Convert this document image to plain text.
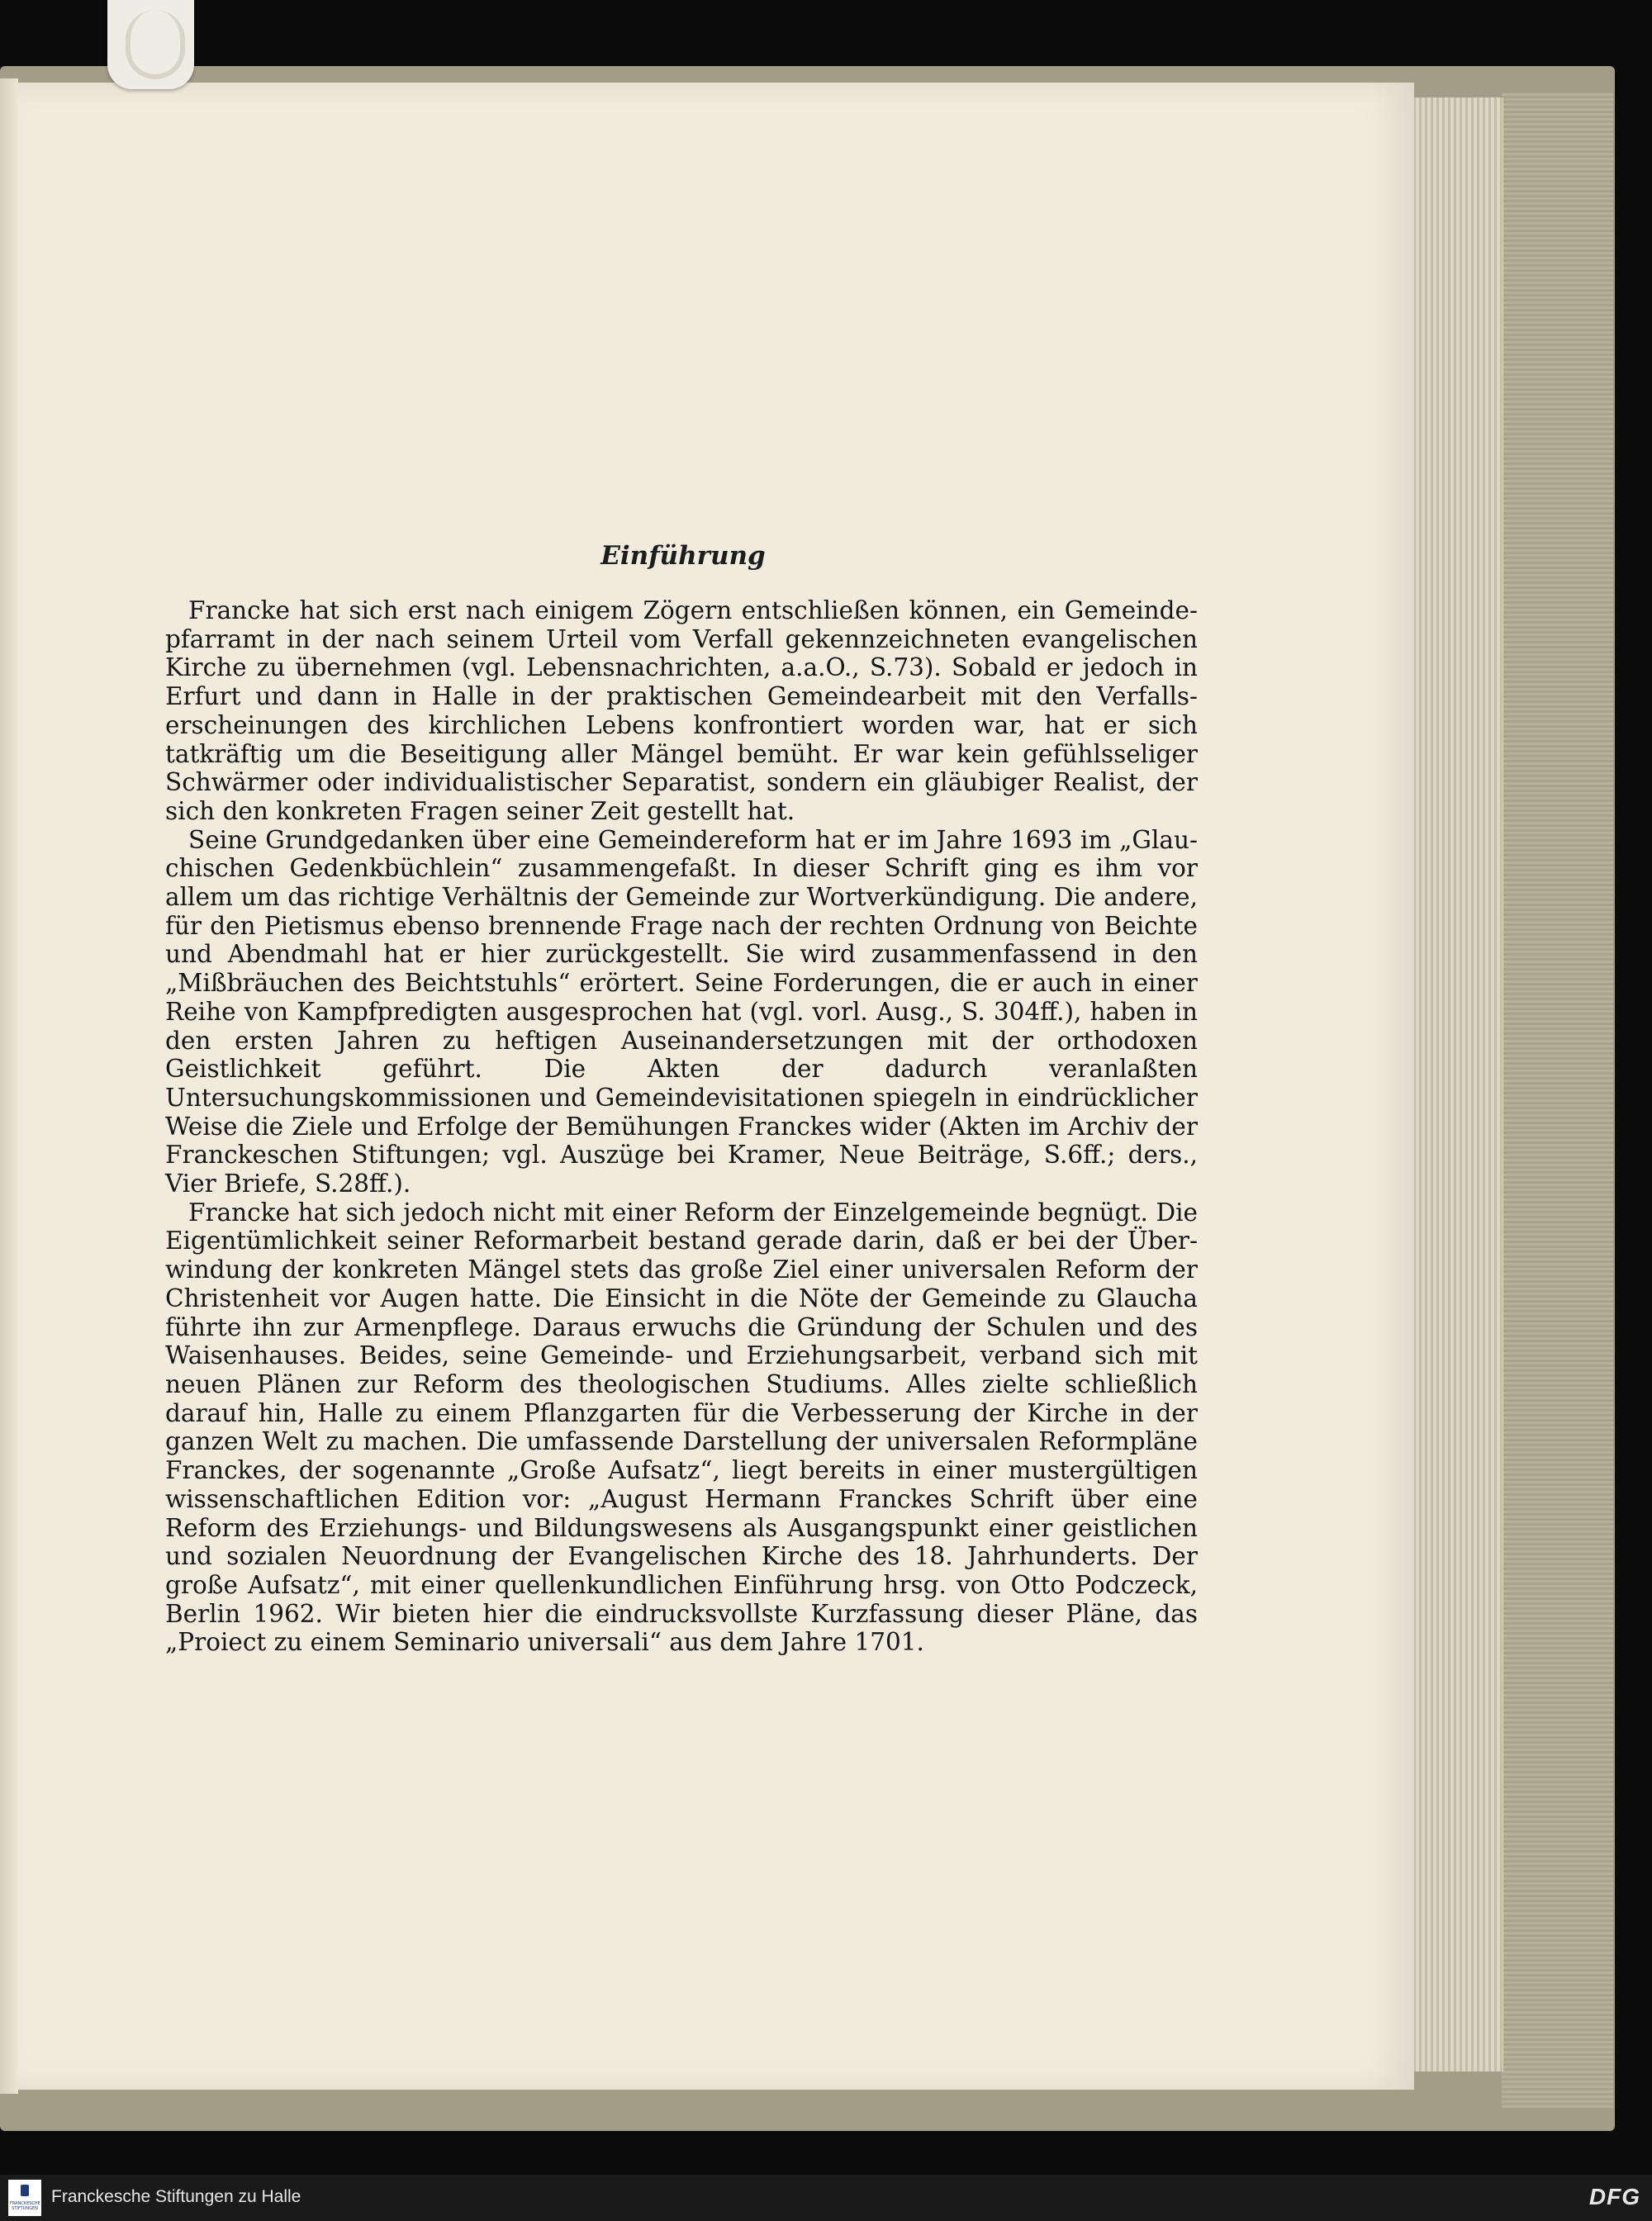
Einführung

Francke hat sich erst nach einigem Zögern entschließen können, ein Gemeindepfarramt in der nach seinem Urteil vom Verfall gekennzeichneten evangelischen Kirche zu übernehmen (vgl. Lebensnachrichten, a.a.O., S.73). Sobald er jedoch in Erfurt und dann in Halle in der praktischen Gemeindearbeit mit den Verfallserscheinungen des kirchlichen Lebens konfrontiert worden war, hat er sich tatkräftig um die Beseitigung aller Mängel bemüht. Er war kein gefühlsseliger Schwärmer oder individualistischer Separatist, sondern ein gläubiger Realist, der sich den konkreten Fragen seiner Zeit gestellt hat.

Seine Grundgedanken über eine Gemeindereform hat er im Jahre 1693 im „Glauchischen Gedenkbüchlein“ zusammengefaßt. In dieser Schrift ging es ihm vor allem um das richtige Verhältnis der Gemeinde zur Wortverkündigung. Die andere, für den Pietismus ebenso brennende Frage nach der rechten Ordnung von Beichte und Abendmahl hat er hier zurückgestellt. Sie wird zusammenfassend in den „Mißbräuchen des Beichtstuhls“ erörtert. Seine Forderungen, die er auch in einer Reihe von Kampfpredigten ausgesprochen hat (vgl. vorl. Ausg., S. 304ff.), haben in den ersten Jahren zu heftigen Auseinandersetzungen mit der orthodoxen Geistlichkeit geführt. Die Akten der dadurch veranlaßten Untersuchungskommissionen und Gemeindevisitationen spiegeln in eindrücklicher Weise die Ziele und Erfolge der Bemühungen Franckes wider (Akten im Archiv der Franckeschen Stiftungen; vgl. Auszüge bei Kramer, Neue Beiträge, S.6ff.; ders., Vier Briefe, S.28ff.).

Francke hat sich jedoch nicht mit einer Reform der Einzelgemeinde begnügt. Die Eigentümlichkeit seiner Reformarbeit bestand gerade darin, daß er bei der Überwindung der konkreten Mängel stets das große Ziel einer universalen Reform der Christenheit vor Augen hatte. Die Einsicht in die Nöte der Gemeinde zu Glaucha führte ihn zur Armenpflege. Daraus erwuchs die Gründung der Schulen und des Waisenhauses. Beides, seine Gemeinde- und Erziehungsarbeit, verband sich mit neuen Plänen zur Reform des theologischen Studiums. Alles zielte schließlich darauf hin, Halle zu einem Pflanzgarten für die Verbesserung der Kirche in der ganzen Welt zu machen. Die umfassende Darstellung der universalen Reformpläne Franckes, der sogenannte „Große Aufsatz“, liegt bereits in einer mustergültigen wissenschaftlichen Edition vor: „August Hermann Franckes Schrift über eine Reform des Erziehungs- und Bildungswesens als Ausgangspunkt einer geistlichen und sozialen Neuordnung der Evangelischen Kirche des 18. Jahrhunderts. Der große Aufsatz“, mit einer quellenkundlichen Einführung hrsg. von Otto Podczeck, Berlin 1962. Wir bieten hier die eindrucksvollste Kurzfassung dieser Pläne, das „Proiect zu einem Seminario universali“ aus dem Jahre 1701.

FRANCKESCHE STIFTUNGEN
Franckesche Stiftungen zu Halle	DFG
